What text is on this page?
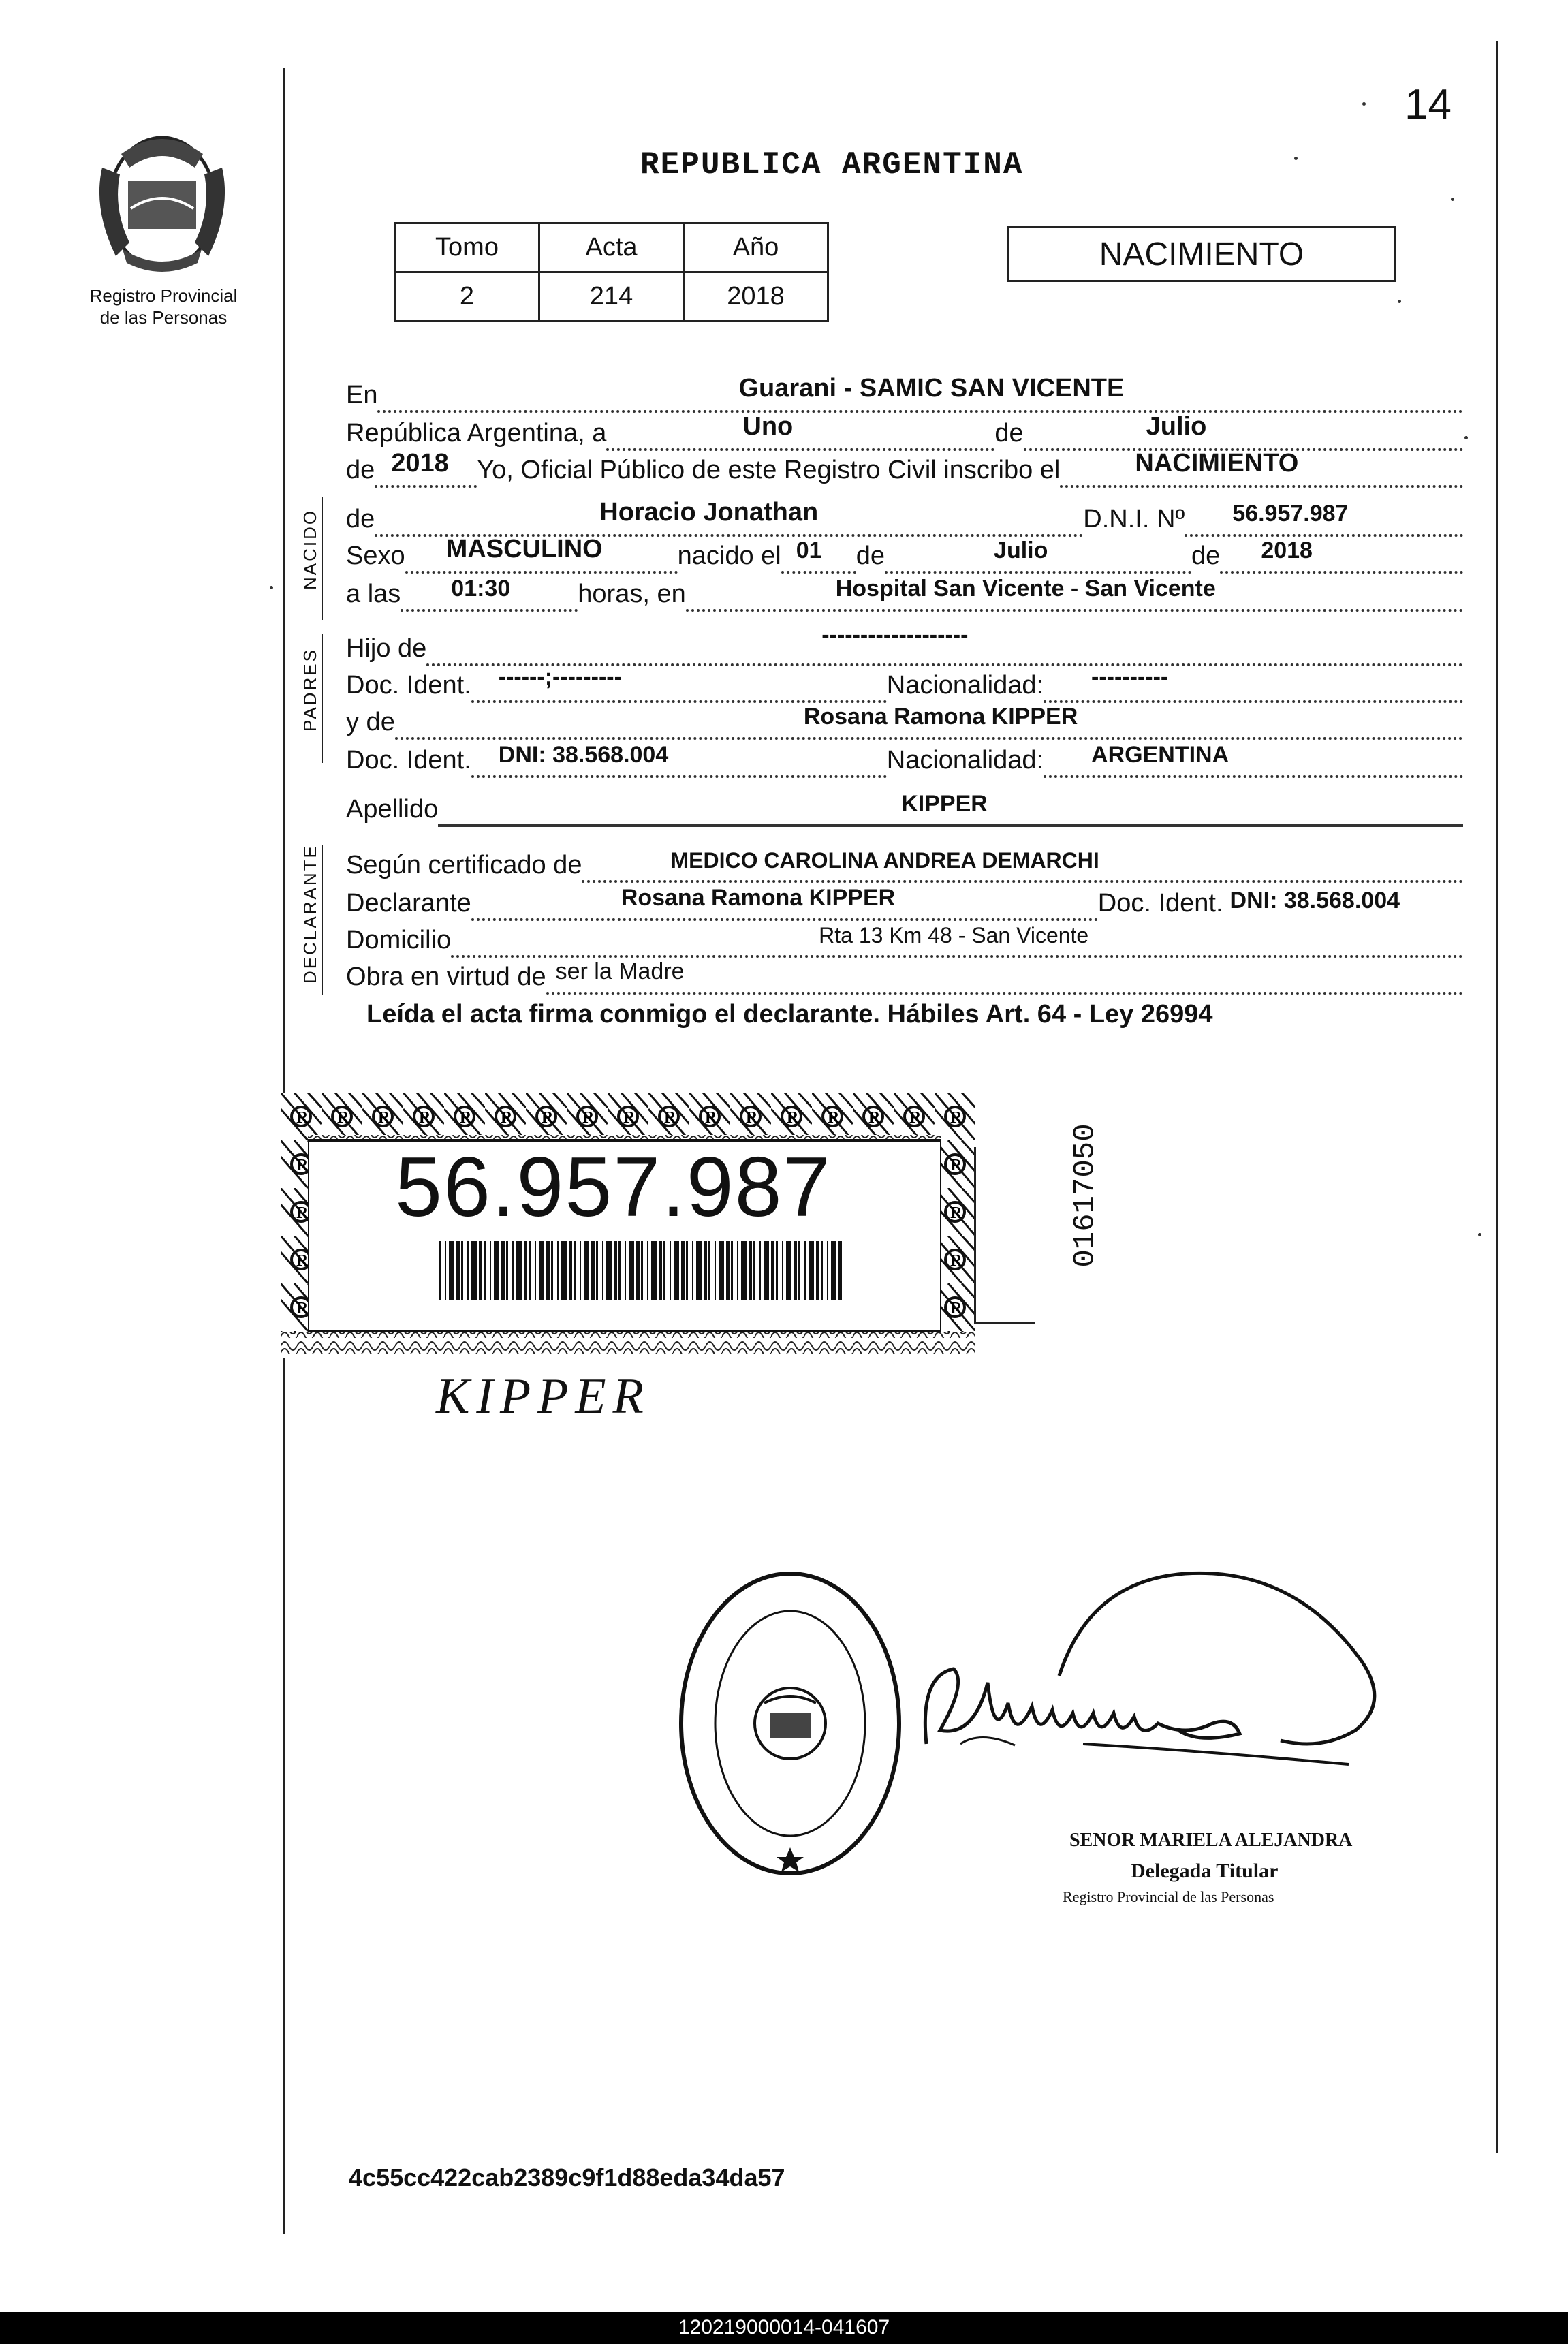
14
REPUBLICA ARGENTINA
Registro Provincial
de las Personas
Tomo	Acta	Año
2	214	2018
NACIMIENTO
NACIDO
PADRES
DECLARANTE
En	Guarani - SAMIC SAN VICENTE
República Argentina, a	Uno	de	Julio
de 2018 Yo, Oficial Público de este Registro Civil inscribo el	NACIMIENTO
de	Horacio Jonathan	D.N.I. Nº 56.957.987
Sexo MASCULINO	nacido el 01 de	Julio	de 2018
a las 01:30	horas, en	Hospital San Vicente - San Vicente
Hijo de	-------------------
Doc. Ident. ------;---------	Nacionalidad: ----------
y de	Rosana Ramona KIPPER
Doc. Ident. DNI: 38.568.004	Nacionalidad: ARGENTINA
Apellido	KIPPER
Según certificado de	MEDICO CAROLINA ANDREA DEMARCHI
Declarante	Rosana Ramona KIPPER	Doc. Ident. DNI: 38.568.004
Domicilio	Rta 13 Km 48 - San Vicente
Obra en virtud de ser la Madre
Leída el acta firma conmigo el declarante. Hábiles Art. 64 - Ley 26994
56.957.987	01617050
KIPPER
SENOR MARIELA ALEJANDRA
Delegada Titular
Registro Provincial de las Personas
4c55cc422cab2389c9f1d88eda34da57
120219000014-041607
